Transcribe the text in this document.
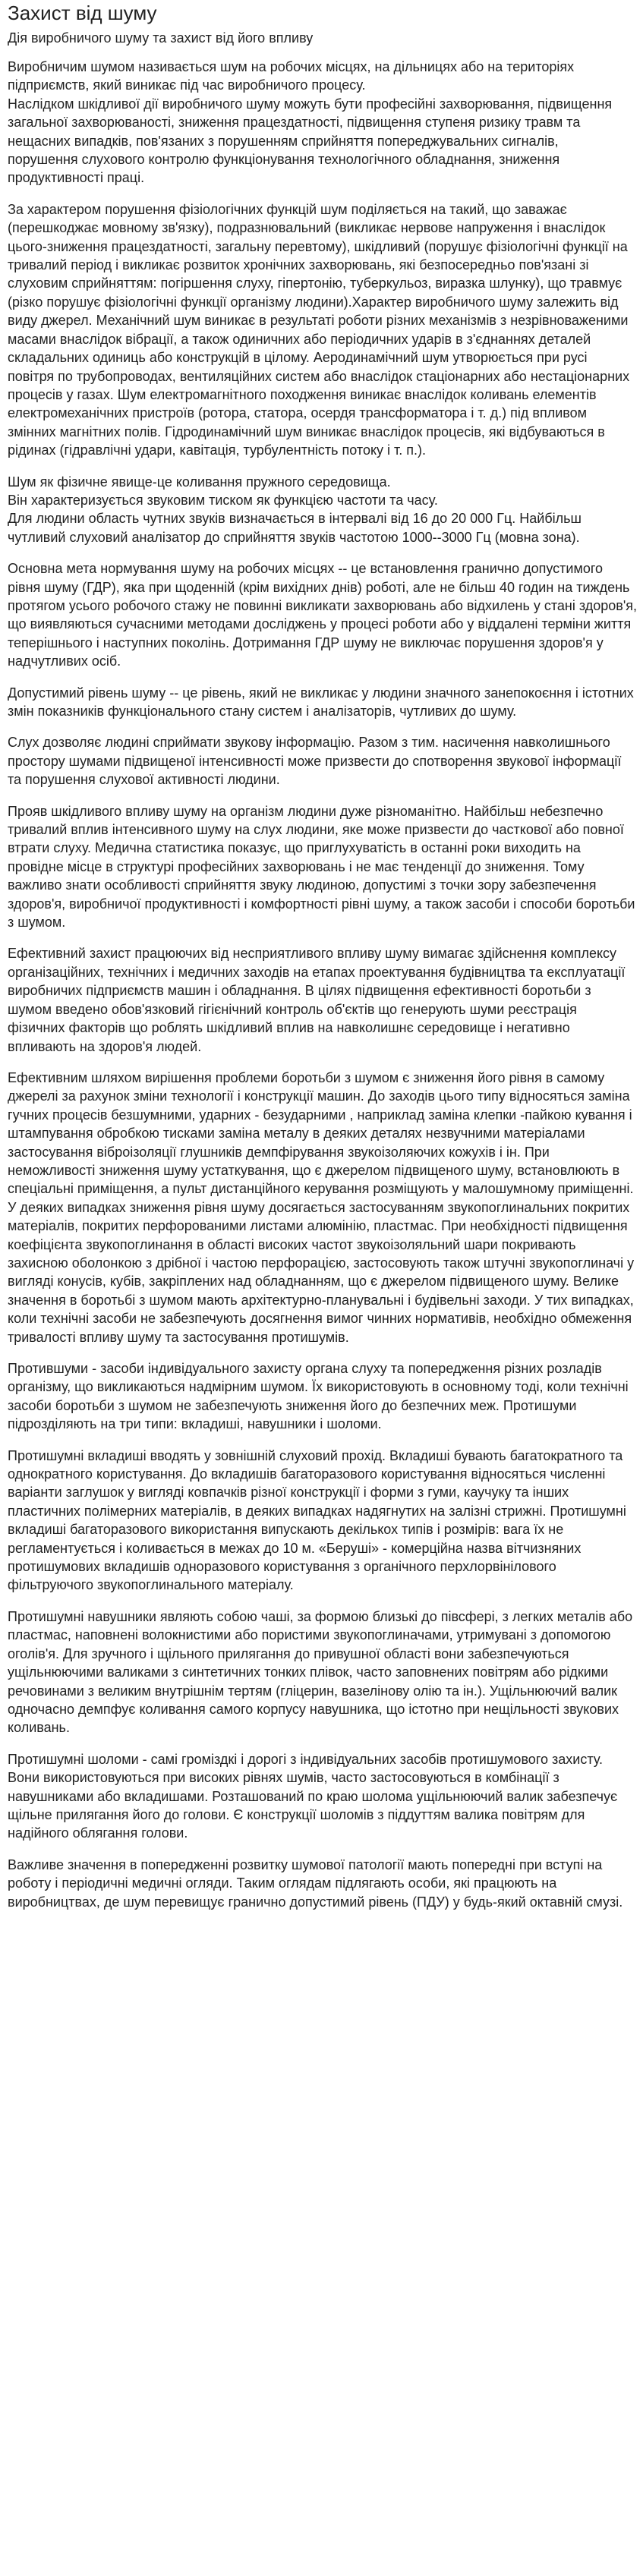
Захист від шуму
Дія виробничого шуму та захист від його впливу

Виробничим шумом називається шум на робочих місцях, на дільницях або на територіях підприємств, який виникає під час виробничого процесу.
Наслідком шкідливої дії виробничого шуму можуть бути професійні захворювання, підвищення загальної захворюваності, зниження працездатності, підвищення ступеня ризику травм та нещасних випадків, пов'язаних з порушенням сприйняття попереджувальних сигналів,
порушення слухового контролю функціонування технологічного обладнання, зниження продуктивності праці.

За характером порушення фізіологічних функцій шум поділяється на такий, що заважає (перешкоджає мовному зв'язку), подразнювальний (викликає нервове напруження і внаслідок цього-зниження працездатності, загальну перевтому), шкідливий (порушує фізіологічні функції на тривалий період і викликає розвиток хронічних захворювань, які безпосередньо пов'язані зі слуховим сприйняттям: погіршення слуху, гіпертонію, туберкульоз, виразка шлунку), що травмує (різко порушує фізіологічні функції організму людини).Характер виробничого шуму залежить від виду джерел. Механічний шум виникає в результаті роботи різних механізмів з незрівноваженими масами внаслідок вібрації, а також одиничних або періодичних ударів в з'єднаннях деталей складальних одиниць або конструкцій в цілому. Аеродинамічний шум утворюється при русі повітря по трубопроводах, вентиляційних систем або внаслідок стаціонарних або нестаціонарних процесів у газах. Шум електромагнітного походження виникає внаслідок коливань елементів електромеханічних пристроїв (ротора, статора, осердя трансформатора і т. д.) під впливом змінних магнітних полів. Гідродинамічний шум виникає внаслідок процесів, які відбуваються в рідинах (гідравлічні удари, кавітація, турбулентність потоку і т. п.).

Шум як фізичне явище-це коливання пружного середовища.
Він характеризується звуковим тиском як функцією частоти та часу.
Для людини область чутних звуків визначається в інтервалі від 16 до 20 000 Гц. Найбільш чутливий слуховий аналізатор до сприйняття звуків частотою 1000--3000 Гц (мовна зона).

Основна мета нормування шуму на робочих місцях -- це встановлення гранично допустимого рівня шуму (ГДР), яка при щоденній (крім вихідних днів) роботі, але не більш 40 годин на тиждень протягом усього робочого стажу не повинні викликати захворювань або відхилень у стані здоров'я, що виявляються сучасними методами досліджень у процесі роботи або у віддалені терміни життя теперішнього і наступних поколінь. Дотримання ГДР шуму не виключає порушення здоров'я у надчутливих осіб.

Допустимий рівень шуму -- це рівень, який не викликає у людини значного занепокоєння і істотних змін показників функціонального стану систем і аналізаторів, чутливих до шуму.

Слух дозволяє людині сприймати звукову інформацію. Разом з тим. насичення навколишнього простору шумами підвищеної інтенсивності може призвести до спотворення звукової інформації та порушення слухової активності людини.

Прояв шкідливого впливу шуму на організм людини дуже різноманітно. Найбільш небезпечно тривалий вплив інтенсивного шуму на слух людини, яке може призвести до часткової або повної втрати слуху. Медична статистика показує, що приглухуватість в останні роки виходить на провідне місце в структурі професійних захворювань і не має тенденції до зниження. Тому важливо знати особливості сприйняття звуку людиною, допустимі з точки зору забезпечення здоров'я, виробничої продуктивності і комфортності рівні шуму, а також засоби і способи боротьби з шумом.

Ефективний захист працюючих від несприятливого впливу шуму вимагає здійснення комплексу організаційних, технічних і медичних заходів на етапах проектування будівництва та експлуатації виробничих підприємств машин і обладнання. В цілях підвищення ефективності боротьби з шумом введено обов'язковий гігієнічний контроль об'єктів що генерують шуми реєстрація фізичних факторів що роблять шкідливий вплив на навколишнє середовище і негативно впливають на здоров'я людей.

Ефективним шляхом вирішення проблеми боротьби з шумом є зниження його рівня в самому джерелі за рахунок зміни технології і конструкції машин. До заходів цього типу відносяться заміна гучних процесів безшумними, ударних - безударними , наприклад заміна клепки -пайкою кування і штампування обробкою тисками заміна металу в деяких деталях незвучними матеріалами застосування віброізоляції глушників демпфірування звукоізоляючих кожухів і ін. При неможливості зниження шуму устаткування, що є джерелом підвищеного шуму, встановлюють в спеціальні приміщення, а пульт дистанційного керування розміщують у малошумному приміщенні. У деяких випадках зниження рівня шуму досягається застосуванням звукопоглинальних покритих матеріалів, покритих перфорованими листами алюмінію, пластмас. При необхідності підвищення коефіцієнта звукопоглинання в області високих частот звукоізоляльний шари покривають захисною оболонкою з дрібної і частою перфорацією, застосовують також штучні звукопоглиначі у вигляді конусів, кубів, закріплених над обладнанням, що є джерелом підвищеного шуму. Велике значення в боротьбі з шумом мають архітектурно-планувальні і будівельні заходи. У тих випадках, коли технічні засоби не забезпечують досягнення вимог чинних нормативів, необхідно обмеження тривалості впливу шуму та застосування протишумів.

Протившуми - засоби індивідуального захисту органа слуху та попередження різних розладів організму, що викликаються надмірним шумом. Їх використовують в основному тоді, коли технічні засоби боротьби з шумом не забезпечують зниження його до безпечних меж. Протишуми підрозділяють на три типи: вкладиші, навушники і шоломи.

Протишумні вкладиші вводять у зовнішній слуховий прохід. Вкладиші бувають багатократного та однократного користування. До вкладишів багаторазового користування відносяться численні варіанти заглушок у вигляді ковпачків різної конструкції і форми з гуми, каучуку та інших пластичних полімерних матеріалів, в деяких випадках надягнутих на залізні стрижні. Протишумні вкладиші багаторазового використання випускають декількох типів і розмірів: вага їх не регламентується і коливається в межах до 10 м. «Беруші» - комерційна назва вітчизняних протишумових вкладишів одноразового користування з органічного перхлорвінілового фільтруючого звукопоглинального матеріалу.

Протишумні навушники являють собою чаші, за формою близькі до півсфері, з легких металів або пластмас, наповнені волокнистими або пористими звукопоглиначами, утримувані з допомогою оголів'я. Для зручного і щільного прилягання до привушної області вони забезпечуються ущільнюючими валиками з синтетичних тонких плівок, часто заповнених повітрям або рідкими речовинами з великим внутрішнім тертям (гліцерин, вазелінову олію та ін.). Ущільнюючий валик одночасно демпфує коливання самого корпусу навушника, що істотно при нещільності звукових коливань.

Протишумні шоломи - самі громіздкі і дорогі з індивідуальних засобів протишумового захисту. Вони використовуються при високих рівнях шумів, часто застосовуються в комбінації з навушниками або вкладишами. Розташований по краю шолома ущільнюючий валик забезпечує щільне прилягання його до голови. Є конструкції шоломів з піддуттям валика повітрям для надійного облягання голови.

Важливе значення в попередженні розвитку шумової патології мають попередні при вступі на роботу і періодичні медичні огляди. Таким оглядам підлягають особи, які працюють на виробництвах, де шум перевищує гранично допустимий рівень (ПДУ) у будь-який октавній смузі.
